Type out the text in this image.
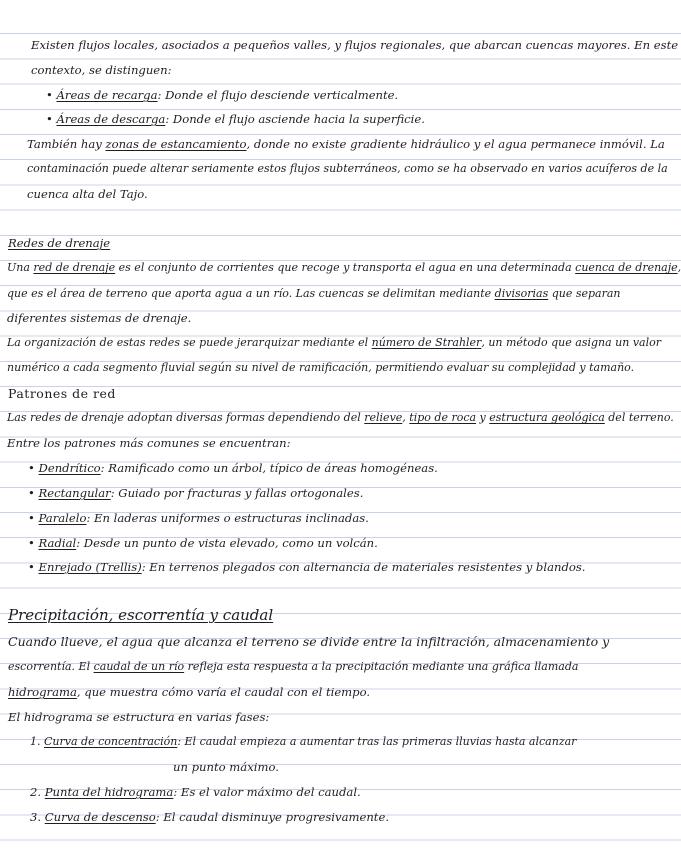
Existen flujos locales, asociados a pequeños valles, y flujos regionales, que abarcan cuencas mayores. En este
contexto, se distinguen:
• Áreas de recarga : Donde el flujo desciende verticalmente.
• Áreas de descarga : Donde el flujo asciende hacia la superficie.
También hay zonas de estancamiento , donde no existe gradiente hidráulico y el agua permanece inmóvil. La
contaminación puede alterar seriamente estos flujos subterráneos, como se ha observado en varios acuíferos de la
cuenca alta del Tajo.
Redes de drenaje
Una red de drenaje es el conjunto de corrientes que recoge y transporta el agua en una determinada cuenca de drenaje ,
que es el área de terreno que aporta agua a un río. Las cuencas se delimitan mediante divisorias que separan
diferentes sistemas de drenaje.
La organización de estas redes se puede jerarquizar mediante el número de Strahler , un método que asigna un valor
numérico a cada segmento fluvial según su nivel de ramificación, permitiendo evaluar su complejidad y tamaño.
Patrones de red
Las redes de drenaje adoptan diversas formas dependiendo del relieve , tipo de roca y estructura geológica del terreno.
Entre los patrones más comunes se encuentran:
• Dendrítico : Ramificado como un árbol, típico de áreas homogéneas.
• Rectangular : Guiado por fracturas y fallas ortogonales.
• Paralelo : En laderas uniformes o estructuras inclinadas.
• Radial : Desde un punto de vista elevado, como un volcán.
• Enrejado (Trellis) : En terrenos plegados con alternancia de materiales resistentes y blandos.
Precipitación, escorrentía y caudal
Cuando llueve, el agua que alcanza el terreno se divide entre la infiltración, almacenamiento y
escorrentía. El caudal de un río refleja esta respuesta a la precipitación mediante una gráfica llamada
hidrograma , que muestra cómo varía el caudal con el tiempo.
El hidrograma se estructura en varias fases:
1.
Curva de concentración : El caudal empieza a aumentar tras las primeras lluvias hasta alcanzar
un punto máximo.
2.
Punta del hidrograma : Es el valor máximo del caudal.
3.
Curva de descenso : El caudal disminuye progresivamente.
